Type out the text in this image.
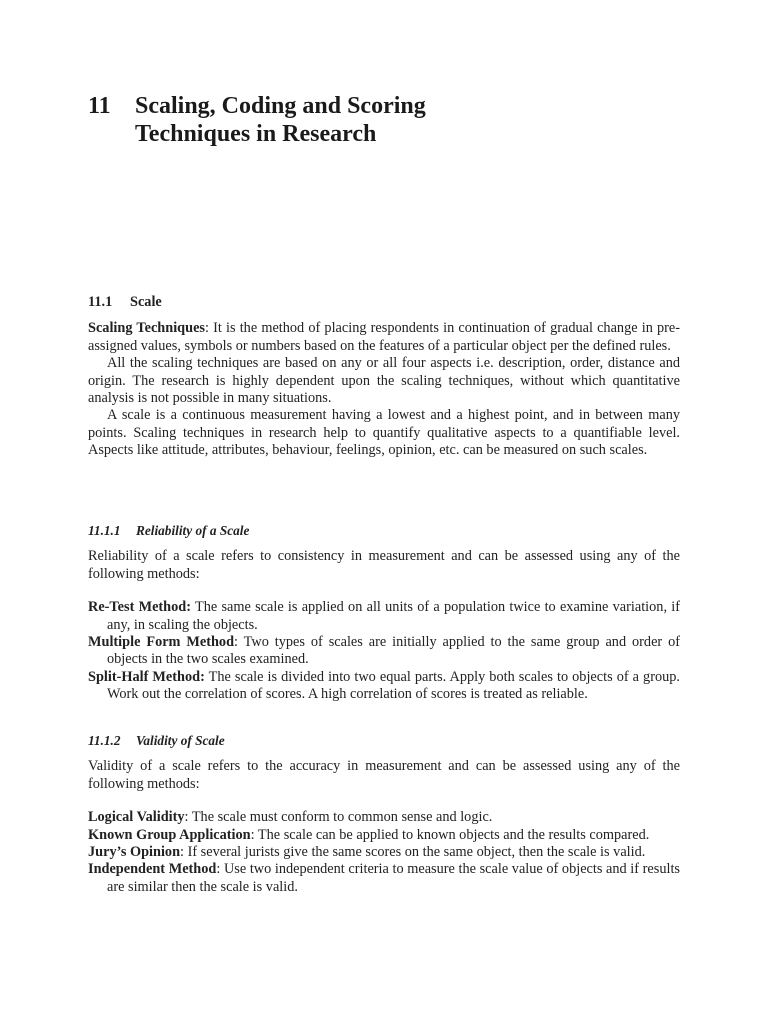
11	Scaling, Coding and Scoring
Techniques in Research
11.1 Scale

Scaling Techniques: It is the method of placing respondents in continuation of gradual change in pre-assigned values, symbols or numbers based on the features of a particular object per the defined rules.

All the scaling techniques are based on any or all four aspects i.e. description, order, distance and origin. The research is highly dependent upon the scaling techniques, without which quantitative analysis is not possible in many situations.

A scale is a continuous measurement having a lowest and a highest point, and in between many points. Scaling techniques in research help to quantify qualitative aspects to a quantifiable level. Aspects like attitude, attributes, behaviour, feelings, opinion, etc. can be measured on such scales.

11.1.1 Reliability of a Scale

Reliability of a scale refers to consistency in measurement and can be assessed using any of the following methods:

Re-Test Method: The same scale is applied on all units of a population twice to examine variation, if any, in scaling the objects.

Multiple Form Method: Two types of scales are initially applied to the same group and order of objects in the two scales examined.

Split-Half Method: The scale is divided into two equal parts. Apply both scales to objects of a group. Work out the correlation of scores. A high correlation of scores is treated as reliable.

11.1.2 Validity of Scale

Validity of a scale refers to the accuracy in measurement and can be assessed using any of the following methods:

Logical Validity: The scale must conform to common sense and logic.

Known Group Application: The scale can be applied to known objects and the results compared.

Jury’s Opinion: If several jurists give the same scores on the same object, then the scale is valid.

Independent Method: Use two independent criteria to measure the scale value of objects and if results are similar then the scale is valid.
